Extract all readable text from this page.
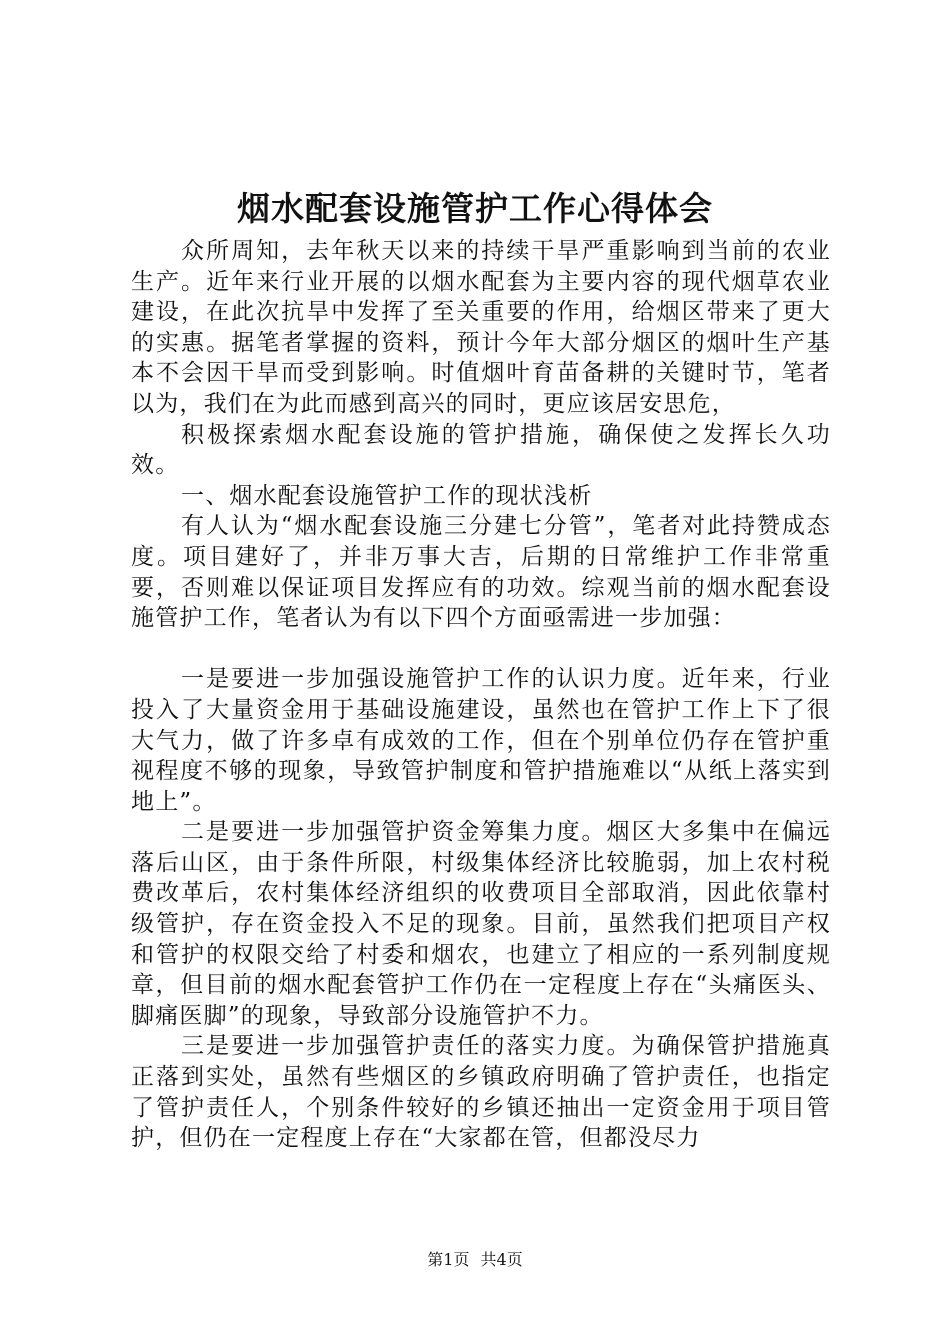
烟水配套设施管护工作心得体会

众所周知，去年秋天以来的持续干旱严重影响到当前的农业生产。近年来行业开展的以烟水配套为主要内容的现代烟草农业建设，在此次抗旱中发挥了至关重要的作用，给烟区带来了更大的实惠。据笔者掌握的资料，预计今年大部分烟区的烟叶生产基本不会因干旱而受到影响。时值烟叶育苗备耕的关键时节，笔者以为，我们在为此而感到高兴的同时，更应该居安思危，

积极探索烟水配套设施的管护措施，确保使之发挥长久功效。

一、烟水配套设施管护工作的现状浅析

有人认为“烟水配套设施三分建七分管”，笔者对此持赞成态度。项目建好了，并非万事大吉，后期的日常维护工作非常重要，否则难以保证项目发挥应有的功效。综观当前的烟水配套设施管护工作，笔者认为有以下四个方面亟需进一步加强：

一是要进一步加强设施管护工作的认识力度。近年来，行业投入了大量资金用于基础设施建设，虽然也在管护工作上下了很大气力，做了许多卓有成效的工作，但在个别单位仍存在管护重视程度不够的现象，导致管护制度和管护措施难以“从纸上落实到地上”。

二是要进一步加强管护资金筹集力度。烟区大多集中在偏远落后山区，由于条件所限，村级集体经济比较脆弱，加上农村税费改革后，农村集体经济组织的收费项目全部取消，因此依靠村级管护，存在资金投入不足的现象。目前，虽然我们把项目产权和管护的权限交给了村委和烟农，也建立了相应的一系列制度规章，但目前的烟水配套管护工作仍在一定程度上存在“头痛医头、脚痛医脚”的现象，导致部分设施管护不力。

三是要进一步加强管护责任的落实力度。为确保管护措施真正落到实处，虽然有些烟区的乡镇政府明确了管护责任，也指定了管护责任人，个别条件较好的乡镇还抽出一定资金用于项目管护，但仍在一定程度上存在“大家都在管，但都没尽力

第1页 共4页
